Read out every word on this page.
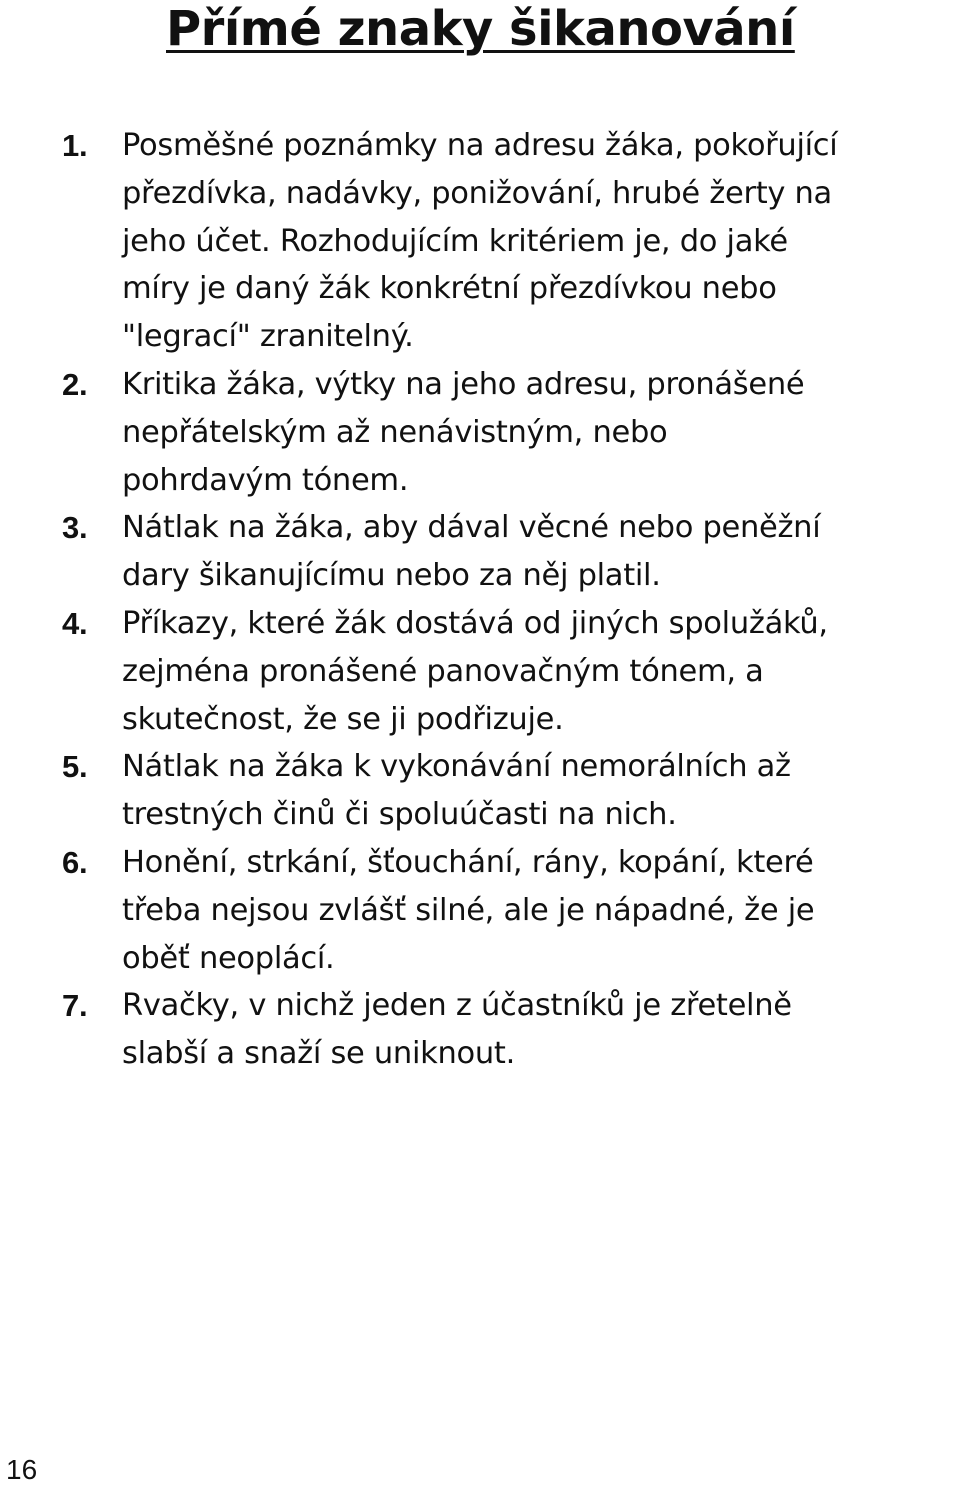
Přímé znaky šikanování
1.	Posměšné poznámky na adresu žáka, pokořující přezdívka, nadávky, ponižování, hrubé žerty na jeho účet. Rozhodujícím kritériem je, do jaké míry je daný žák konkrétní přezdívkou nebo "legrací" zranitelný.
2.	Kritika žáka, výtky na jeho adresu, pronášené nepřátelským až nenávistným, nebo pohrdavým tónem.
3.	Nátlak na žáka, aby dával věcné nebo peněžní dary šikanujícímu nebo za něj platil.
4.	Příkazy, které žák dostává od jiných spolužáků, zejména pronášené panovačným tónem, a skutečnost, že se ji podřizuje.
5.	Nátlak na žáka k vykonávání nemorálních až trestných činů či spoluúčasti na nich.
6.	Honění, strkání, šťouchání, rány, kopání, které třeba nejsou zvlášť silné, ale je nápadné, že je oběť neoplácí.
7.	Rvačky, v nichž jeden z účastníků je zřetelně slabší a snaží se uniknout.
16
